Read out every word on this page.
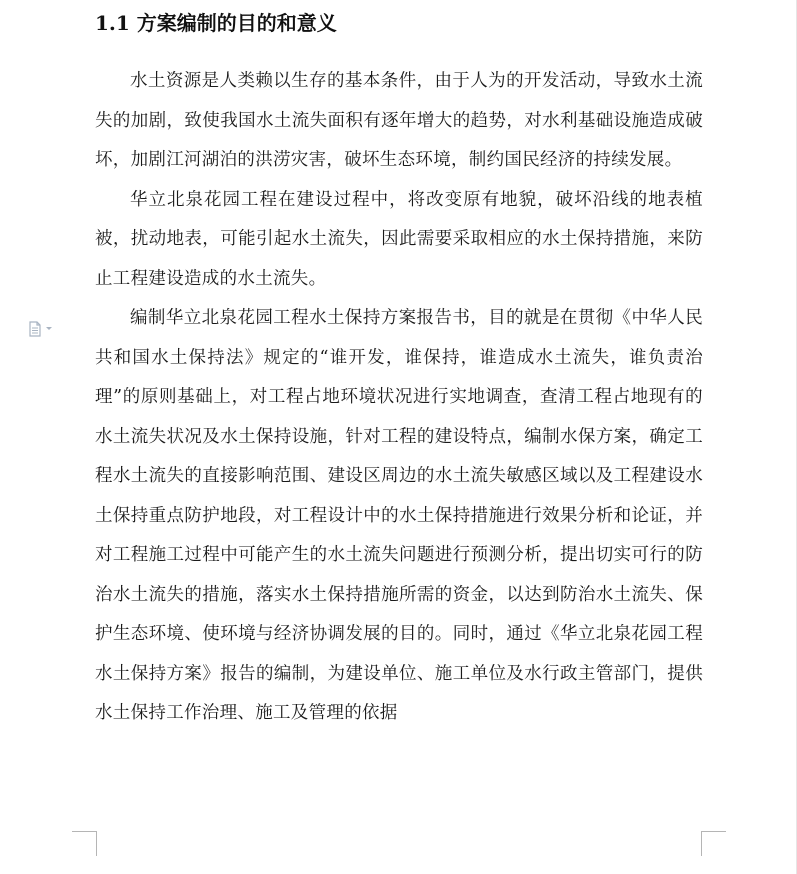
1.1 方案编制的目的和意义

水土资源是人类赖以生存的基本条件，由于人为的开发活动，导致水土流失的加剧，致使我国水土流失面积有逐年增大的趋势，对水利基础设施造成破坏，加剧江河湖泊的洪涝灾害，破坏生态环境，制约国民经济的持续发展。

华立北泉花园工程在建设过程中，将改变原有地貌，破坏沿线的地表植被，扰动地表，可能引起水土流失，因此需要采取相应的水土保持措施，来防止工程建设造成的水土流失。

编制华立北泉花园工程水土保持方案报告书，目的就是在贯彻《中华人民共和国水土保持法》规定的“谁开发，谁保持，谁造成水土流失，谁负责治理”的原则基础上，对工程占地环境状况进行实地调查，查清工程占地现有的水土流失状况及水土保持设施，针对工程的建设特点，编制水保方案，确定工程水土流失的直接影响范围、建设区周边的水土流失敏感区域以及工程建设水土保持重点防护地段，对工程设计中的水土保持措施进行效果分析和论证，并对工程施工过程中可能产生的水土流失问题进行预测分析，提出切实可行的防治水土流失的措施，落实水土保持措施所需的资金，以达到防治水土流失、保护生态环境、使环境与经济协调发展的目的。同时，通过《华立北泉花园工程水土保持方案》报告的编制，为建设单位、施工单位及水行政主管部门，提供水土保持工作治理、施工及管理的依据
